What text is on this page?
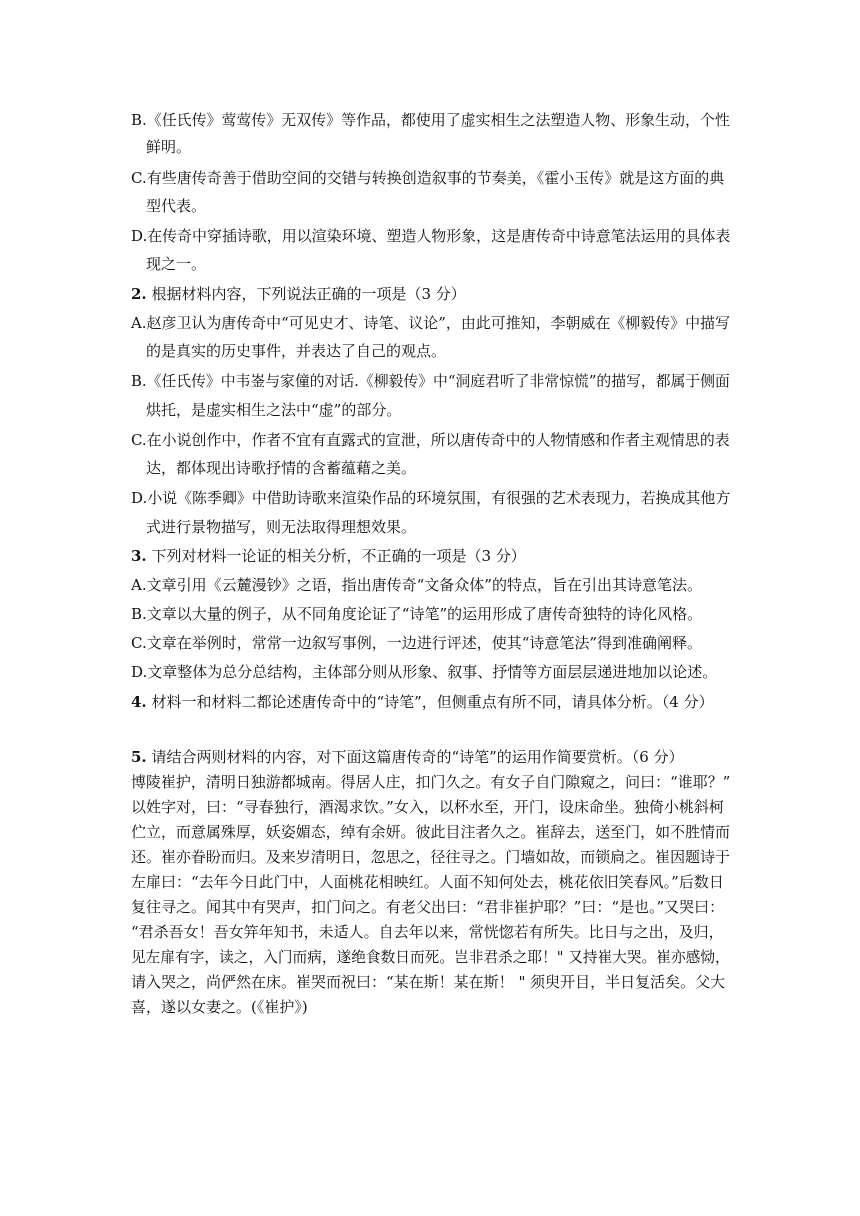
B.《任氏传》莺莺传》无双传》等作品，都使用了虚实相生之法塑造人物、形象生动，个性
鲜明。
C.有些唐传奇善于借助空间的交错与转换创造叙事的节奏美，《霍小玉传》就是这方面的典
型代表。
D.在传奇中穿插诗歌，用以渲染环境、塑造人物形象，这是唐传奇中诗意笔法运用的具体表
现之一。
2. 根据材料内容，下列说法正确的一项是（3 分）
A.赵彦卫认为唐传奇中“可见史才、诗笔、议论”，由此可推知，李朝威在《柳毅传》中描写
的是真实的历史事件，并表达了自己的观点。
B.《任氏传》中韦崟与家僮的对话.《柳毅传》中“洞庭君听了非常惊慌”的描写，都属于侧面
烘托，是虚实相生之法中“虚”的部分。
C.在小说创作中，作者不宜有直露式的宣泄，所以唐传奇中的人物情感和作者主观情思的表
达，都体现出诗歌抒情的含蓄蕴藉之美。
D.小说《陈季卿》中借助诗歌来渲染作品的环境氛围，有很强的艺术表现力，若换成其他方
式进行景物描写，则无法取得理想效果。
3. 下列对材料一论证的相关分析，不正确的一项是（3 分）
A.文章引用《云麓漫钞》之语，指出唐传奇“文备众体”的特点，旨在引出其诗意笔法。
B.文章以大量的例子，从不同角度论证了“诗笔”的运用形成了唐传奇独特的诗化风格。
C.文章在举例时，常常一边叙写事例，一边进行评述，使其“诗意笔法”得到准确阐释。
D.文章整体为总分总结构，主体部分则从形象、叙事、抒情等方面层层递进地加以论述。
4. 材料一和材料二都论述唐传奇中的“诗笔”，但侧重点有所不同，请具体分析。（4 分）
5. 请结合两则材料的内容，对下面这篇唐传奇的“诗笔”的运用作简要赏析。（6 分）
博陵崔护，清明日独游都城南。得居人庄，扣门久之。有女子自门隙窥之，问曰：“谁耶？”
以姓字对，曰：“寻春独行，酒渴求饮。”女入，以杯水至，开门，设床命坐。独倚小桃斜柯
伫立，而意属殊厚，妖姿媚态，绰有余妍。彼此目注者久之。崔辞去，送至门，如不胜情而
还。崔亦眷盼而归。及来岁清明日，忽思之，径往寻之。门墙如故，而锁扃之。崔因题诗于
左扉曰：“去年今日此门中，人面桃花相映红。人面不知何处去，桃花依旧笑春风。”后数日
复往寻之。闻其中有哭声，扣门问之。有老父出曰：“君非崔护耶？”曰：“是也。”又哭曰：
“君杀吾女！吾女笄年知书，未适人。自去年以来，常恍惚若有所失。比日与之出，及归，
见左扉有字，读之，入门而病，遂绝食数日而死。岂非君杀之耶！" 又持崔大哭。崔亦感恸，
请入哭之，尚俨然在床。崔哭而祝曰：“某在斯！某在斯！ " 须臾开目，半日复活矣。父大
喜，遂以女妻之。(《崔护》)
